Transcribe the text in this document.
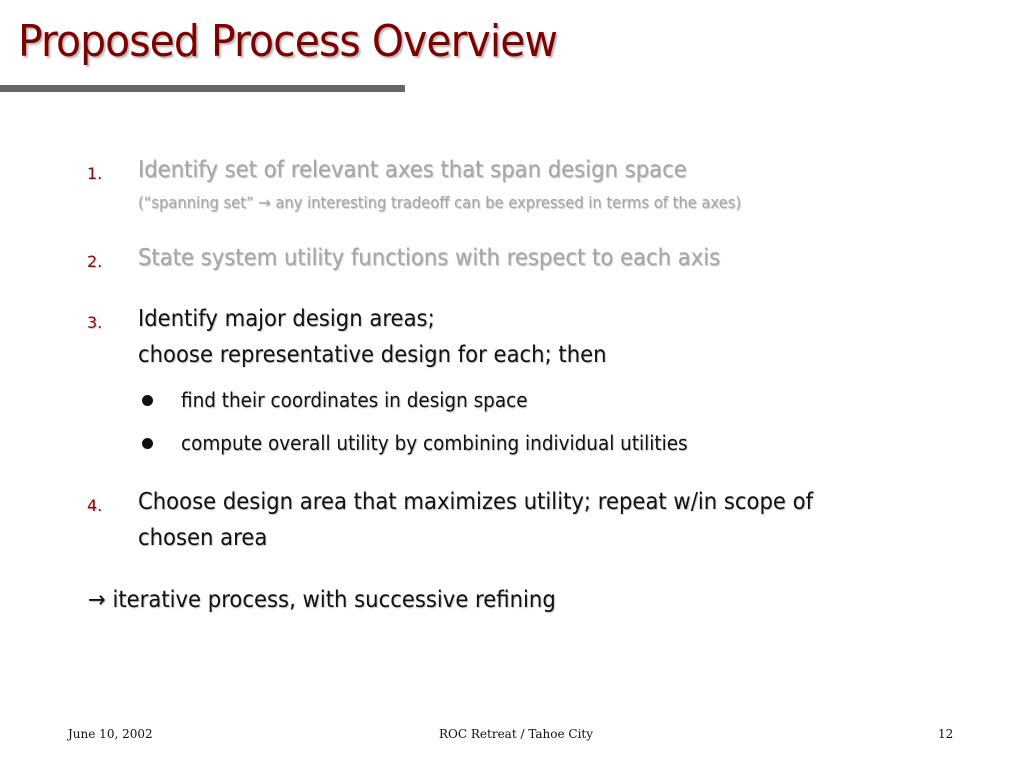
Proposed Process Overview
1. Identify set of relevant axes that span design space
(“spanning set” → any interesting tradeoff can be expressed in terms of the axes)
2. State system utility functions with respect to each axis
3. Identify major design areas;
choose representative design for each; then
find their coordinates in design space
compute overall utility by combining individual utilities
4. Choose design area that maximizes utility; repeat w/in scope of
chosen area
→ iterative process, with successive refining
June 10, 2002	ROC Retreat / Tahoe City	12
